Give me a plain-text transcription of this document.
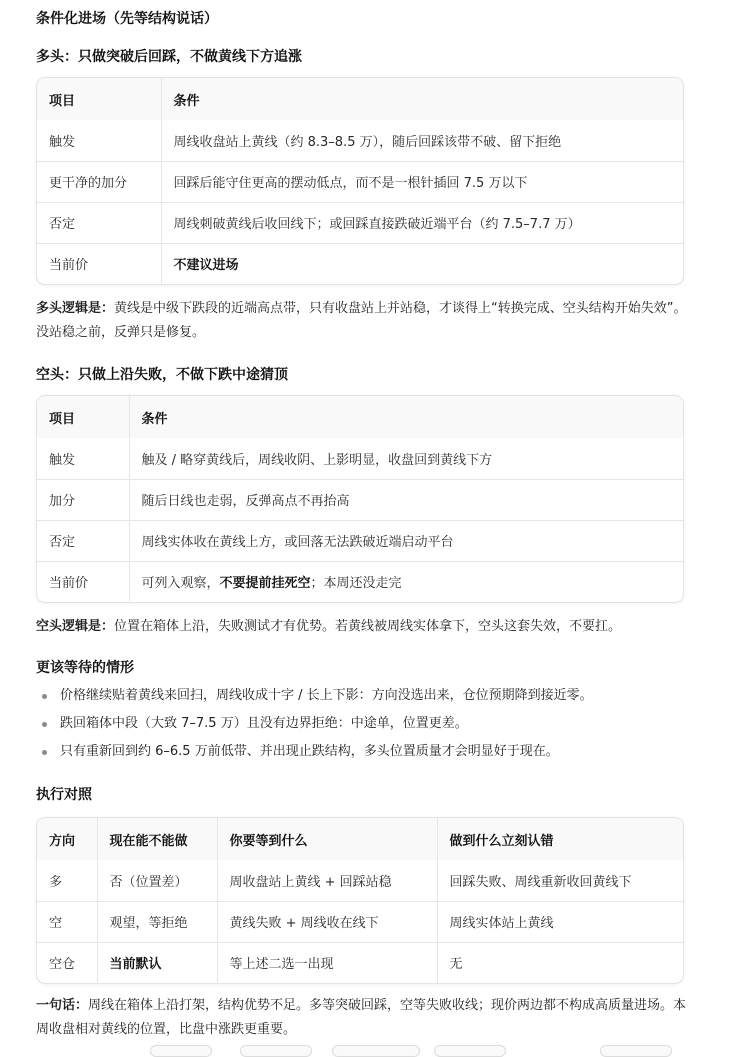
条件化进场（先等结构说话）
多头：只做突破后回踩，不做黄线下方追涨
项目	条件
触发	周线收盘站上黄线（约 8.3–8.5 万），随后回踩该带不破、留下拒绝
更干净的加分	回踩后能守住更高的摆动低点，而不是一根针插回 7.5 万以下
否定	周线刺破黄线后收回线下；或回踩直接跌破近端平台（约 7.5–7.7 万）
当前价	不建议进场
多头逻辑是：黄线是中级下跌段的近端高点带，只有收盘站上并站稳，才谈得上“转换完成、空头结构开始失效”。没站稳之前，反弹只是修复。
空头：只做上沿失败，不做下跌中途猜顶
项目	条件
触发	触及 / 略穿黄线后，周线收阴、上影明显，收盘回到黄线下方
加分	随后日线也走弱，反弹高点不再抬高
否定	周线实体收在黄线上方，或回落无法跌破近端启动平台
当前价	可列入观察，不要提前挂死空；本周还没走完
空头逻辑是：位置在箱体上沿，失败测试才有优势。若黄线被周线实体拿下，空头这套失效，不要扛。
更该等待的情形
价格继续贴着黄线来回扫，周线收成十字 / 长上下影：方向没选出来，仓位预期降到接近零。
跌回箱体中段（大致 7–7.5 万）且没有边界拒绝：中途单，位置更差。
只有重新回到约 6–6.5 万前低带、并出现止跌结构，多头位置质量才会明显好于现在。
执行对照
方向	现在能不能做	你要等到什么	做到什么立刻认错
多	否（位置差）	周收盘站上黄线 + 回踩站稳	回踩失败、周线重新收回黄线下
空	观望，等拒绝	黄线失败 + 周线收在线下	周线实体站上黄线
空仓	当前默认	等上述二选一出现	无
一句话：周线在箱体上沿打架，结构优势不足。多等突破回踩，空等失败收线；现价两边都不构成高质量进场。本周收盘相对黄线的位置，比盘中涨跌更重要。
